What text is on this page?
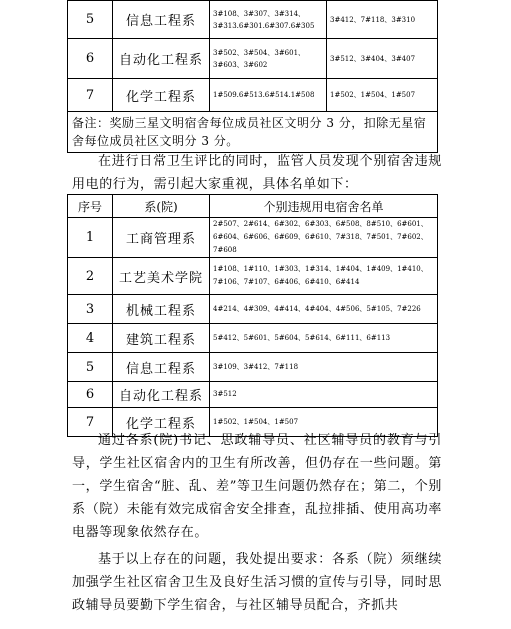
5	信息工程系	3#108、3#307、3#314、3#313.6#301.6#307.6#305	3#412、7#118、3#310
6	自动化工程系	3#502、3#504、3#601、3#603、3#602	3#512、3#404、3#407
7	化学工程系	1#509.6#513.6#514.1#508	1#502、1#504、1#507
备注：奖励三星文明宿舍每位成员社区文明分 3 分，扣除无星宿舍每位成员社区文明分 3 分。			
在进行日常卫生评比的同时，监管人员发现个别宿舍违规用电的行为，需引起大家重视，具体名单如下：
序号	系(院)	个别违规用电宿舍名单
1	工商管理系	2#507、2#614、6#302、6#303、6#508、8#510、6#601、6#604、6#606、6#609、6#610、7#318、7#501、7#602、7#608
2	工艺美术学院	1#108、1#110、1#303、1#314、1#404、1#409、1#410、7#106、7#107、6#406、6#410、6#414
3	机械工程系	4#214、4#309、4#414、4#404、4#506、5#105、7#226
4	建筑工程系	5#412、5#601、5#604、5#614、6#111、6#113
5	信息工程系	3#109、3#412、7#118
6	自动化工程系	3#512
7	化学工程系	1#502、1#504、1#507
通过各系(院)书记、思政辅导员、社区辅导员的教育与引导，学生社区宿舍内的卫生有所改善，但仍存在一些问题。第一，学生宿舍“脏、乱、差”等卫生问题仍然存在；第二，个别系（院）未能有效完成宿舍安全排查，乱拉排插、使用高功率电器等现象依然存在。
基于以上存在的问题，我处提出要求：各系（院）须继续加强学生社区宿舍卫生及良好生活习惯的宣传与引导，同时思政辅导员要勤下学生宿舍，与社区辅导员配合，齐抓共
